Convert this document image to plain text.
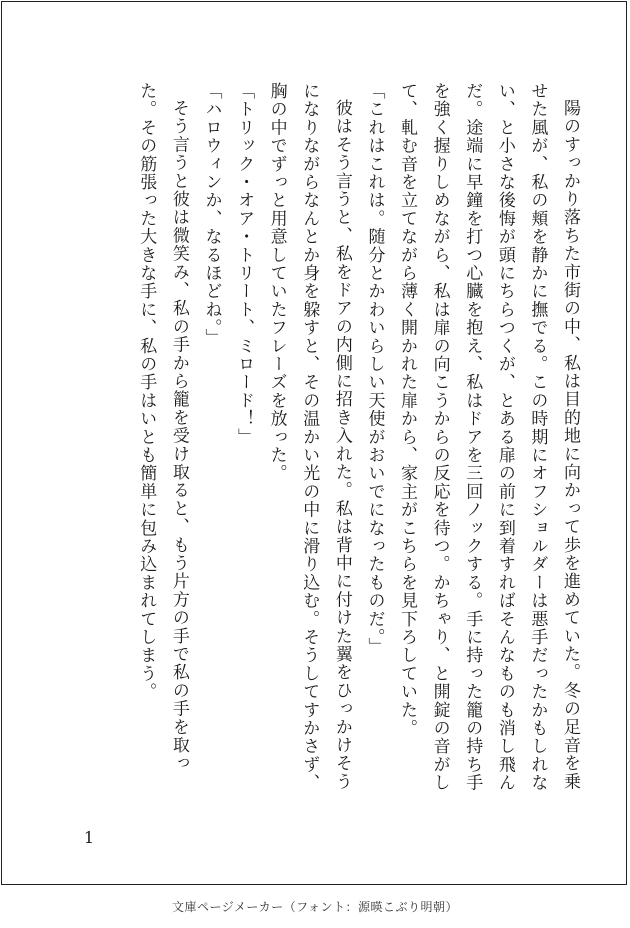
陽のすっかり落ちた市街の中、私は目的地に向かって歩を進めていた。冬の足音を乗せた風が、私の頬を静かに撫でる。この時期にオフショルダーは悪手だったかもしれない、と小さな後悔が頭にちらつくが、とある扉の前に到着すればそんなものも消し飛んだ。途端に早鐘を打つ心臓を抱え、私はドアを三回ノックする。手に持った籠の持ち手を強く握りしめながら、私は扉の向こうからの反応を待つ。かちゃり、と開錠の音がして、軋む音を立てながら薄く開かれた扉から、家主がこちらを見下ろしていた。

「これはこれは。随分とかわいらしい天使がおいでになったものだ。」

彼はそう言うと、私をドアの内側に招き入れた。私は背中に付けた翼をひっかけそうになりながらなんとか身を躱すと、その温かい光の中に滑り込む。そうしてすかさず、胸の中でずっと用意していたフレーズを放った。

「トリック・オア・トリート、ミロード！」

「ハロウィンか、なるほどね。」

そう言うと彼は微笑み、私の手から籠を受け取ると、もう片方の手で私の手を取った。その筋張った大きな手に、私の手はいとも簡単に包み込まれてしまう。

1
文庫ページメーカー（フォント：源暎こぶり明朝）
